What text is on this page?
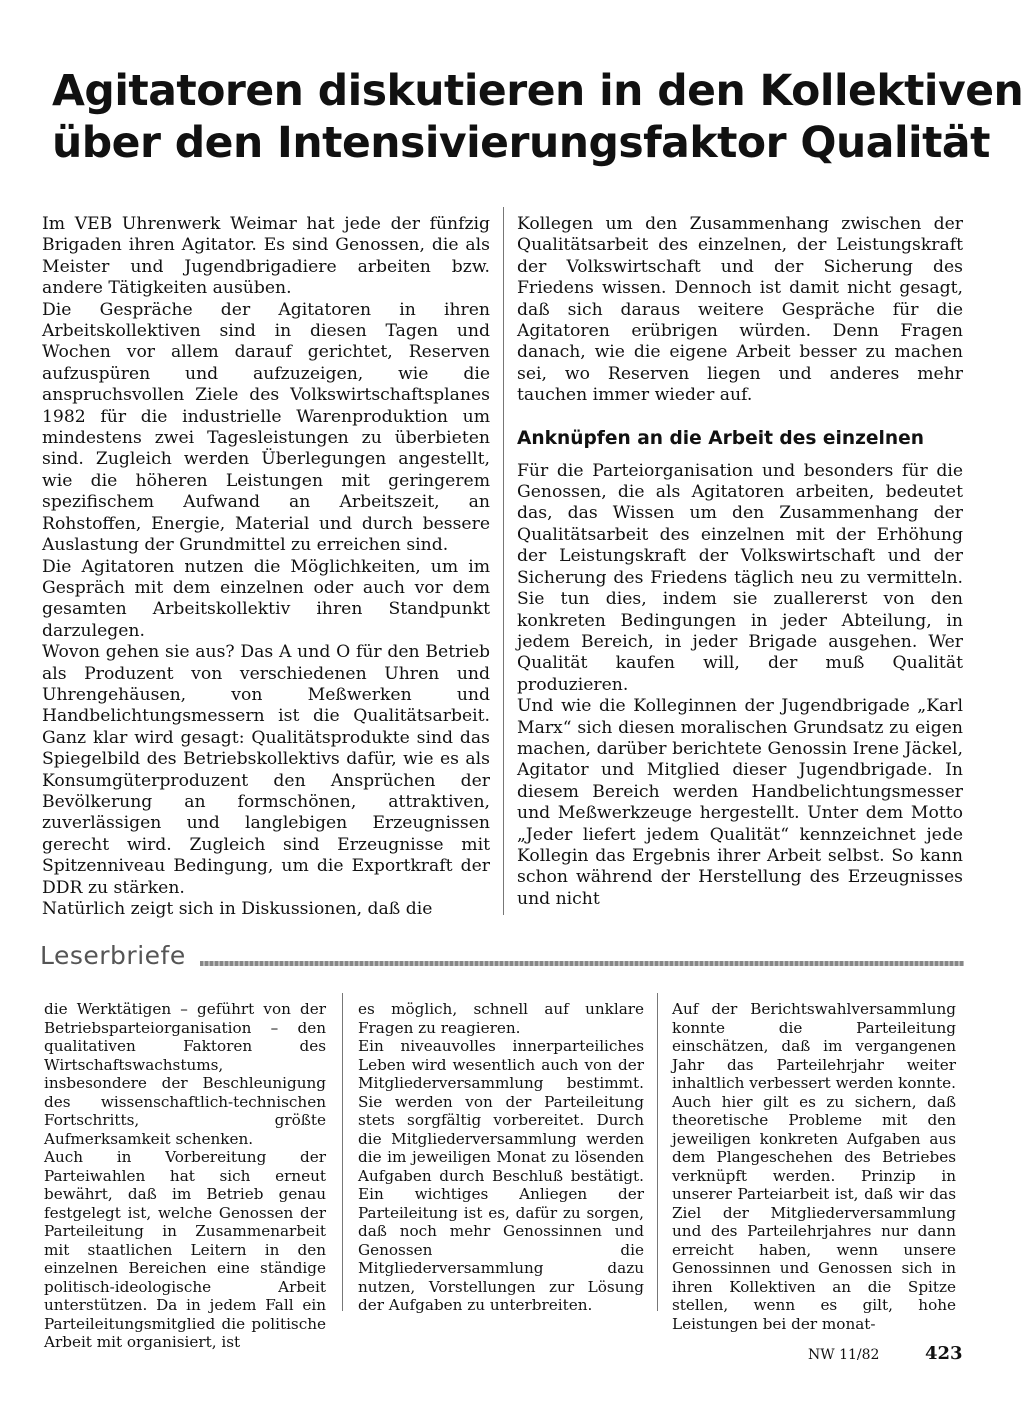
Agitatoren diskutieren in den Kollektiven
über den Intensivierungsfaktor Qualität

Im VEB Uhrenwerk Weimar hat jede der fünfzig Brigaden ihren Agitator. Es sind Genossen, die als Meister und Jugendbrigadiere arbeiten bzw. andere Tätigkeiten ausüben.

Die Gespräche der Agitatoren in ihren Arbeitskollektiven sind in diesen Tagen und Wochen vor allem darauf gerichtet, Reserven aufzuspüren und aufzuzeigen, wie die anspruchsvollen Ziele des Volkswirtschaftsplanes 1982 für die industrielle Warenproduktion um mindestens zwei Tagesleistungen zu überbieten sind. Zugleich werden Überlegungen angestellt, wie die höheren Leistungen mit geringerem spezifischem Aufwand an Arbeitszeit, an Rohstoffen, Energie, Material und durch bessere Auslastung der Grundmittel zu erreichen sind.

Die Agitatoren nutzen die Möglichkeiten, um im Gespräch mit dem einzelnen oder auch vor dem gesamten Arbeitskollektiv ihren Standpunkt darzulegen.

Wovon gehen sie aus? Das A und O für den Betrieb als Produzent von verschiedenen Uhren und Uhrengehäusen, von Meßwerken und Handbelichtungsmessern ist die Qualitätsarbeit. Ganz klar wird gesagt: Qualitätsprodukte sind das Spiegelbild des Betriebskollektivs dafür, wie es als Konsumgüterproduzent den Ansprüchen der Bevölkerung an formschönen, attraktiven, zuverlässigen und langlebigen Erzeugnissen gerecht wird. Zugleich sind Erzeugnisse mit Spitzenniveau Bedingung, um die Exportkraft der DDR zu stärken.

Natürlich zeigt sich in Diskussionen, daß die

Kollegen um den Zusammenhang zwischen der Qualitätsarbeit des einzelnen, der Leistungskraft der Volkswirtschaft und der Sicherung des Friedens wissen. Dennoch ist damit nicht gesagt, daß sich daraus weitere Gespräche für die Agitatoren erübrigen würden. Denn Fragen danach, wie die eigene Arbeit besser zu machen sei, wo Reserven liegen und anderes mehr tauchen immer wieder auf.

Anknüpfen an die Arbeit des einzelnen

Für die Parteiorganisation und besonders für die Genossen, die als Agitatoren arbeiten, bedeutet das, das Wissen um den Zusammenhang der Qualitätsarbeit des einzelnen mit der Erhöhung der Leistungskraft der Volkswirtschaft und der Sicherung des Friedens täglich neu zu vermitteln. Sie tun dies, indem sie zuallererst von den konkreten Bedingungen in jeder Abteilung, in jedem Bereich, in jeder Brigade ausgehen. Wer Qualität kaufen will, der muß Qualität produzieren.

Und wie die Kolleginnen der Jugendbrigade „Karl Marx“ sich diesen moralischen Grundsatz zu eigen machen, darüber berichtete Genossin Irene Jäckel, Agitator und Mitglied dieser Jugendbrigade. In diesem Bereich werden Handbelichtungsmesser und Meßwerkzeuge hergestellt. Unter dem Motto „Jeder liefert jedem Qualität“ kennzeichnet jede Kollegin das Ergebnis ihrer Arbeit selbst. So kann schon während der Herstellung des Erzeugnisses und nicht

Leserbriefe

die Werktätigen – geführt von der Betriebsparteiorganisation – den qualitativen Faktoren des Wirtschaftswachstums, insbesondere der Beschleunigung des wissenschaftlich-technischen Fortschritts, größte Aufmerksamkeit schenken.

Auch in Vorbereitung der Parteiwahlen hat sich erneut bewährt, daß im Betrieb genau festgelegt ist, welche Genossen der Parteileitung in Zusammenarbeit mit staatlichen Leitern in den einzelnen Bereichen eine ständige politisch-ideologische Arbeit unterstützen. Da in jedem Fall ein Parteileitungsmitglied die politische Arbeit mit organisiert, ist

es möglich, schnell auf unklare Fragen zu reagieren.

Ein niveauvolles innerparteiliches Leben wird wesentlich auch von der Mitgliederversammlung bestimmt. Sie werden von der Parteileitung stets sorgfältig vorbereitet. Durch die Mitgliederversammlung werden die im jeweiligen Monat zu lösenden Aufgaben durch Beschluß bestätigt. Ein wichtiges Anliegen der Parteileitung ist es, dafür zu sorgen, daß noch mehr Genossinnen und Genossen die Mitgliederversammlung dazu nutzen, Vorstellungen zur Lösung der Aufgaben zu unterbreiten.

Auf der Berichtswahlversammlung konnte die Parteileitung einschätzen, daß im vergangenen Jahr das Parteilehrjahr weiter inhaltlich verbessert werden konnte. Auch hier gilt es zu sichern, daß theoretische Probleme mit den jeweiligen konkreten Aufgaben aus dem Plangeschehen des Betriebes verknüpft werden. Prinzip in unserer Parteiarbeit ist, daß wir das Ziel der Mitgliederversammlung und des Parteilehrjahres nur dann erreicht haben, wenn unsere Genossinnen und Genossen sich in ihren Kollektiven an die Spitze stellen, wenn es gilt, hohe Leistungen bei der monat-

NW 11/82	423
